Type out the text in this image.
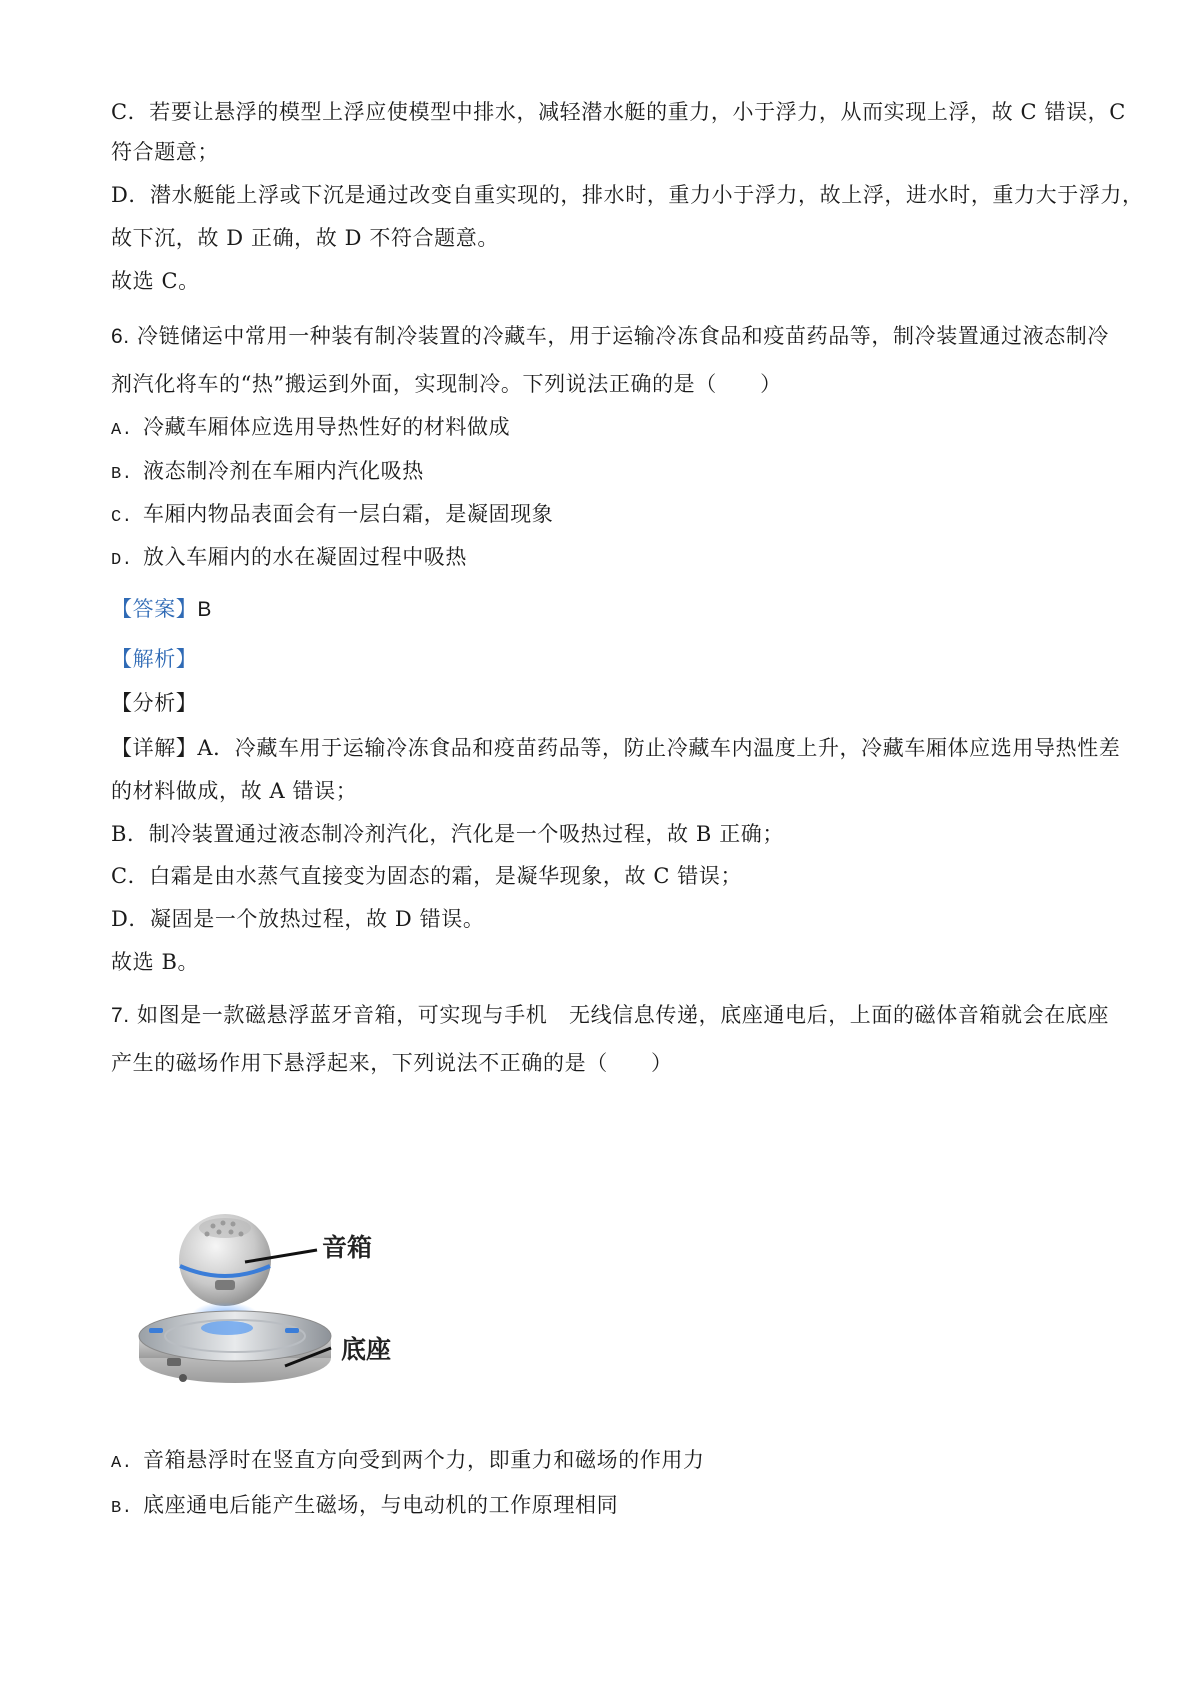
C．若要让悬浮的模型上浮应使模型中排水，减轻潜水艇的重力，小于浮力，从而实现上浮，故 C 错误，C
符合题意；
D．潜水艇能上浮或下沉是通过改变自重实现的，排水时，重力小于浮力，故上浮，进水时，重力大于浮力，
故下沉，故 D 正确，故 D 不符合题意。
故选 C。
6. 冷链储运中常用一种装有制冷装置的冷藏车，用于运输冷冻食品和疫苗药品等，制冷装置通过液态制冷
剂汽化将车的“热”搬运到外面，实现制冷。下列说法正确的是（　　）
A. 冷藏车厢体应选用导热性好的材料做成
B. 液态制冷剂在车厢内汽化吸热
C. 车厢内物品表面会有一层白霜，是凝固现象
D. 放入车厢内的水在凝固过程中吸热
【答案】B
【解析】
【分析】
【详解】A．冷藏车用于运输冷冻食品和疫苗药品等，防止冷藏车内温度上升，冷藏车厢体应选用导热性差
的材料做成，故 A 错误；
B．制冷装置通过液态制冷剂汽化，汽化是一个吸热过程，故 B 正确；
C．白霜是由水蒸气直接变为固态的霜，是凝华现象，故 C 错误；
D．凝固是一个放热过程，故 D 错误。
故选 B。
7. 如图是一款磁悬浮蓝牙音箱，可实现与手机　无线信息传递，底座通电后，上面的磁体音箱就会在底座
产生的磁场作用下悬浮起来，下列说法不正确的是（　　）
音箱
底座
A. 音箱悬浮时在竖直方向受到两个力，即重力和磁场的作用力
B. 底座通电后能产生磁场，与电动机的工作原理相同
